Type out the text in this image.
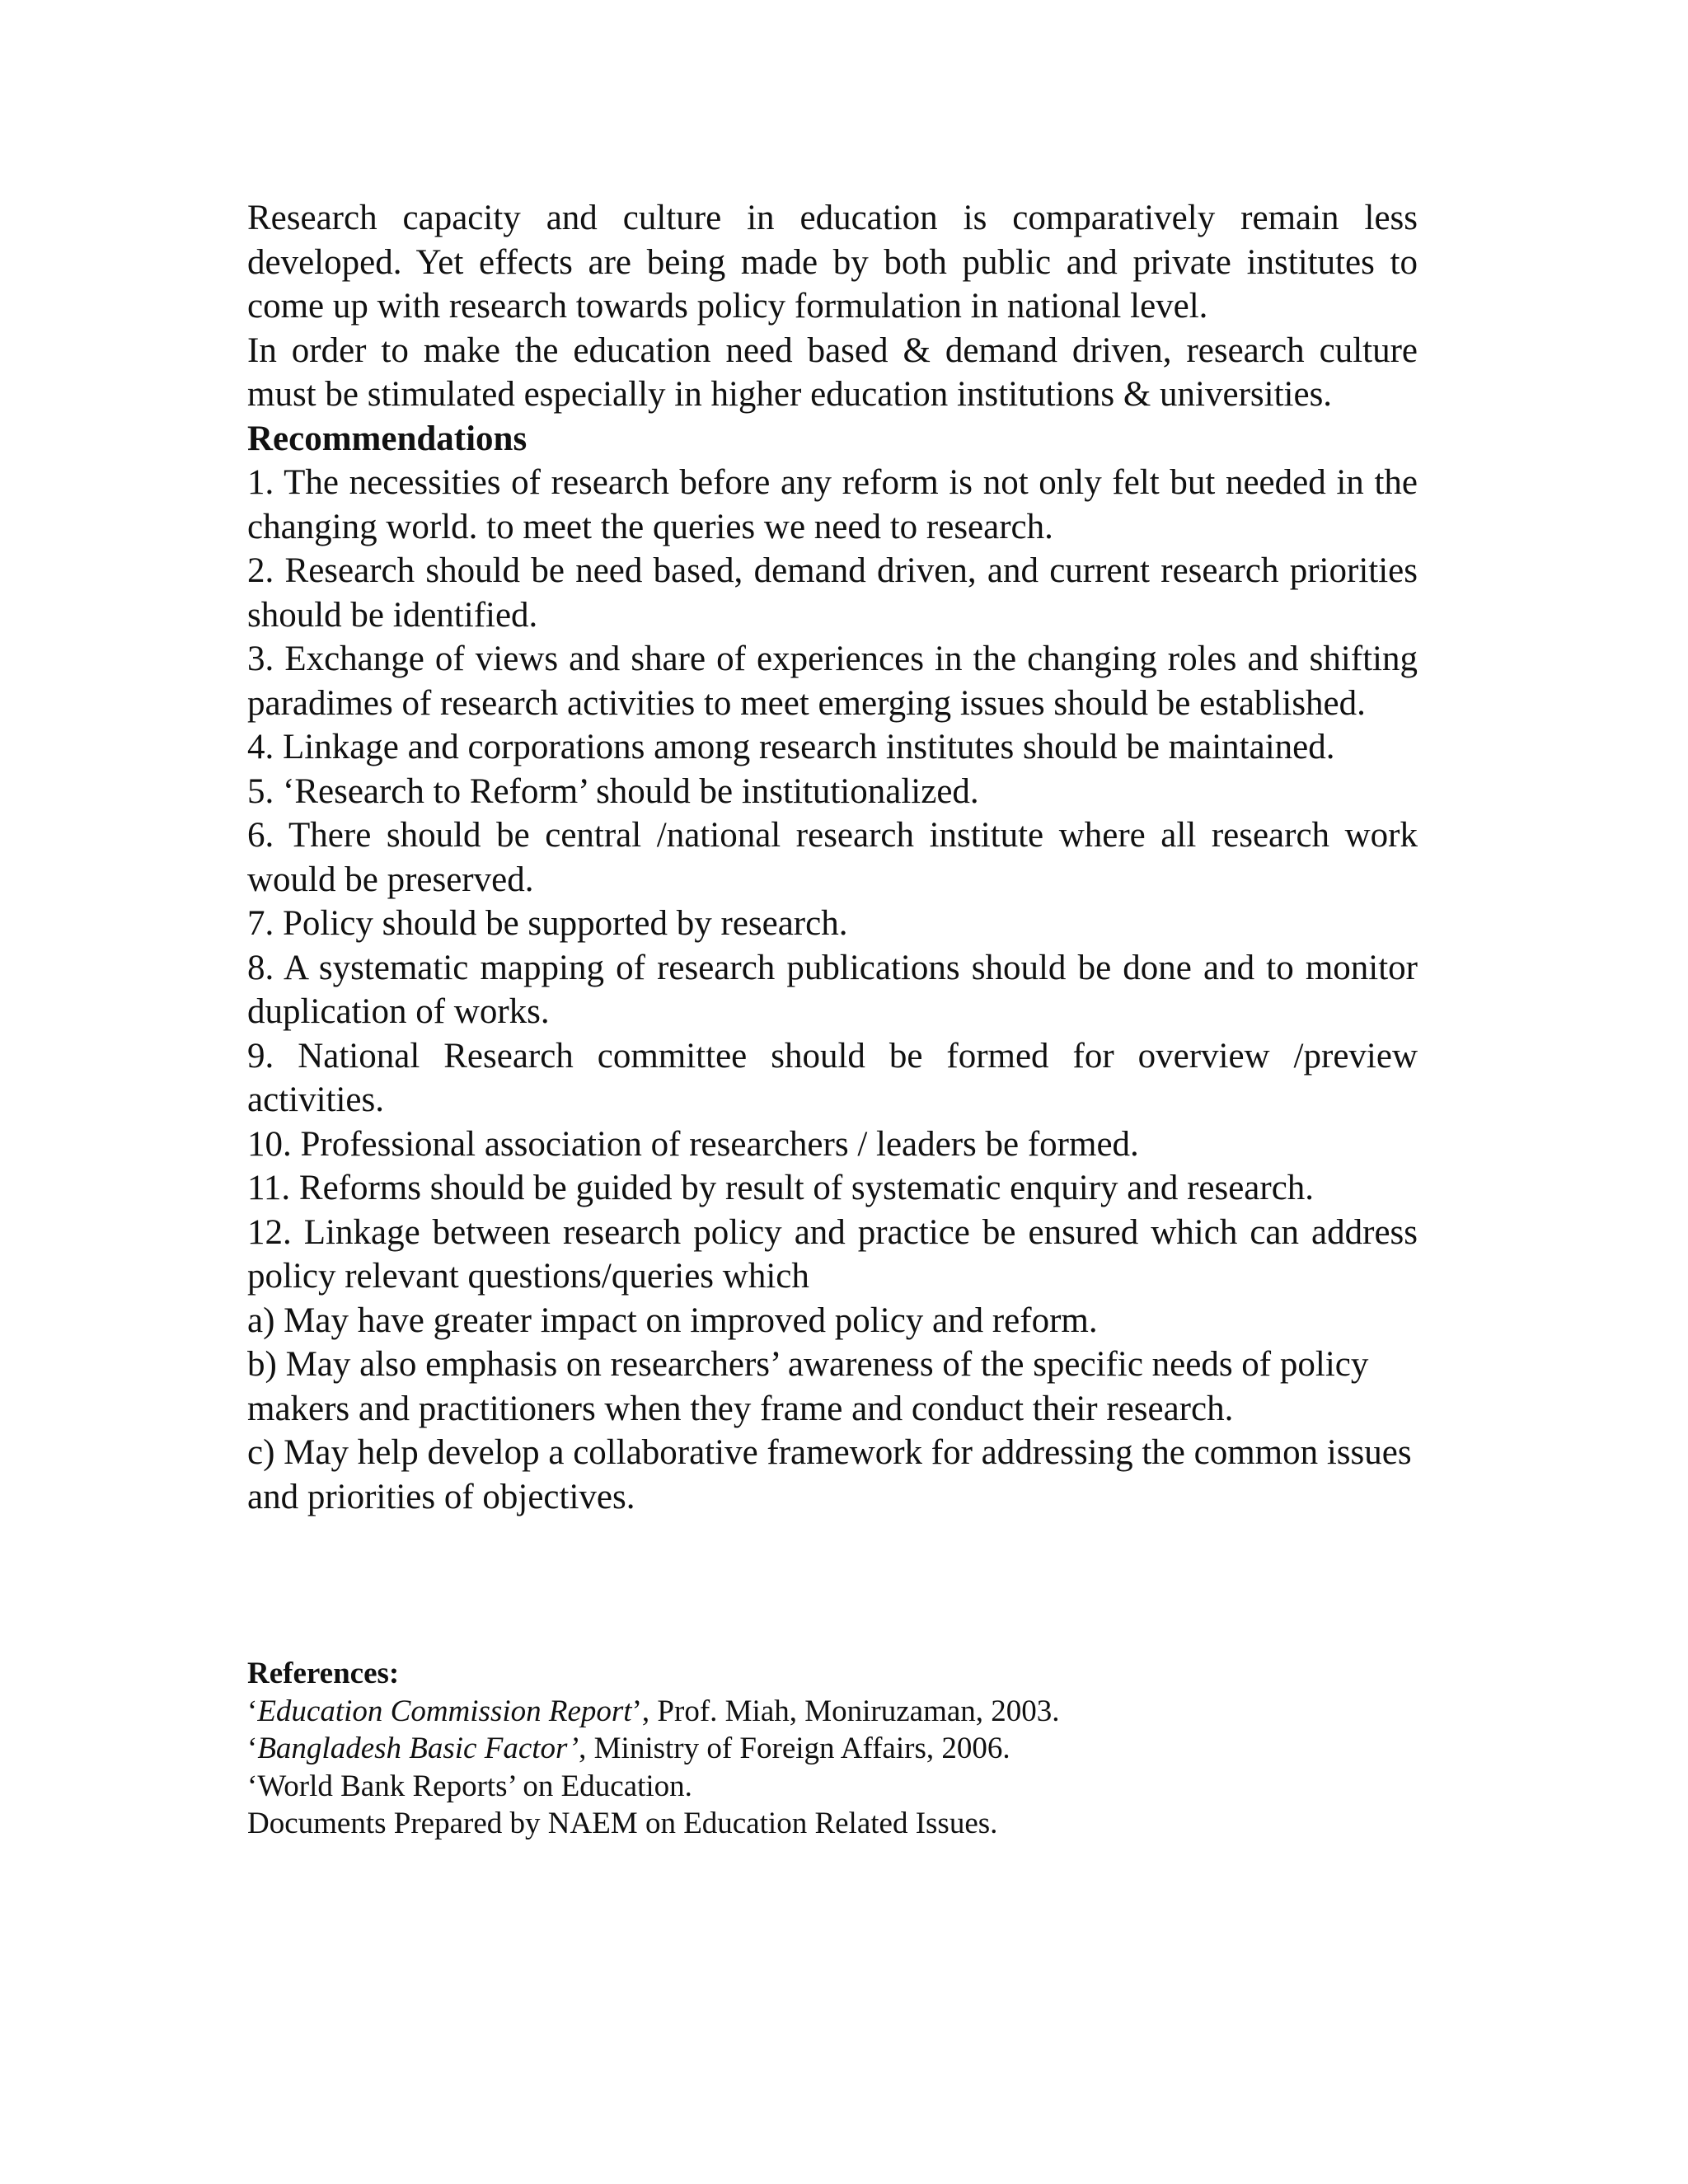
Research capacity and culture in education is comparatively remain less developed. Yet effects are being made by both public and private institutes to come up with research towards policy formulation in national level.

In order to make the education need based & demand driven, research culture must be stimulated especially in higher education institutions & universities.

Recommendations

1. The necessities of research before any reform is not only felt but needed in the changing world. to meet the queries we need to research.

2. Research should be need based, demand driven, and current research priorities should be identified.

3. Exchange of views and share of experiences in the changing roles and shifting paradimes of research activities to meet emerging issues should be established.

4. Linkage and corporations among research institutes should be maintained.

5. ‘Research to Reform’ should be institutionalized.

6. There should be central /national research institute where all research work would be preserved.

7. Policy should be supported by research.

8. A systematic mapping of research publications should be done and to monitor duplication of works.

9. National Research committee should be formed for overview /preview activities.

10. Professional association of researchers / leaders be formed.

11. Reforms should be guided by result of systematic enquiry and research.

12. Linkage between research policy and practice be ensured which can address policy relevant questions/queries which

a) May have greater impact on improved policy and reform.

b) May also emphasis on researchers’ awareness of the specific needs of policy makers and practitioners when they frame and conduct their research.

c) May help develop a collaborative framework for addressing the common issues and priorities of objectives.

References:

‘Education Commission Report’, Prof. Miah, Moniruzaman, 2003.

‘Bangladesh Basic Factor’, Ministry of Foreign Affairs, 2006.

‘World Bank Reports’ on Education.

Documents Prepared by NAEM on Education Related Issues.
